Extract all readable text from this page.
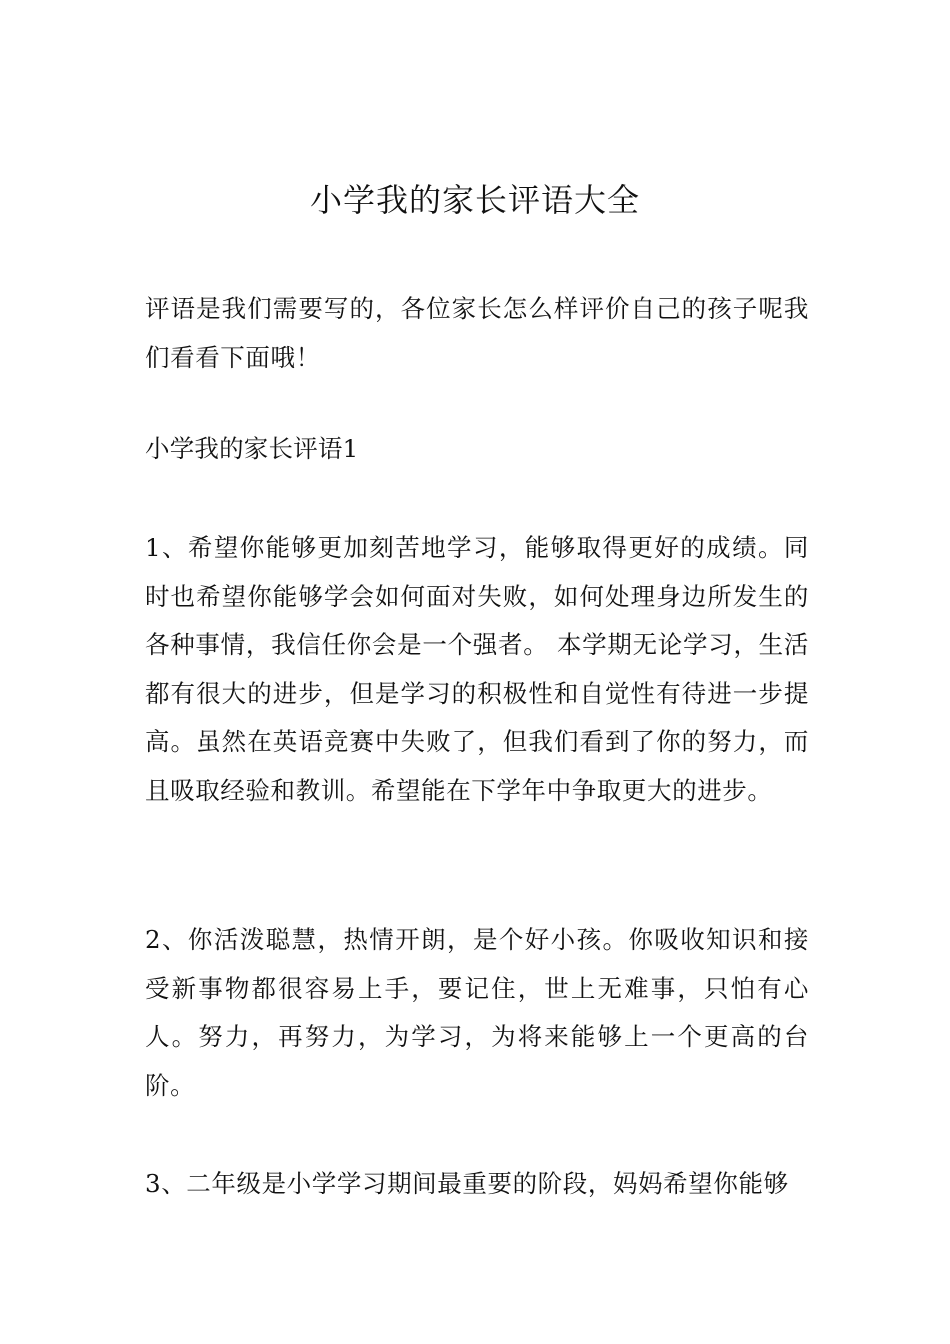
小学我的家长评语大全

评语是我们需要写的，各位家长怎么样评价自己的孩子呢我们看看下面哦！

小学我的家长评语1

1、希望你能够更加刻苦地学习，能够取得更好的成绩。同时也希望你能够学会如何面对失败，如何处理身边所发生的各种事情，我信任你会是一个强者。 本学期无论学习，生活都有很大的进步，但是学习的积极性和自觉性有待进一步提高。虽然在英语竞赛中失败了，但我们看到了你的努力，而且吸取经验和教训。希望能在下学年中争取更大的进步。

2、你活泼聪慧，热情开朗，是个好小孩。你吸收知识和接受新事物都很容易上手，要记住，世上无难事，只怕有心人。努力，再努力，为学习，为将来能够上一个更高的台阶。

3、二年级是小学学习期间最重要的阶段，妈妈希望你能够
